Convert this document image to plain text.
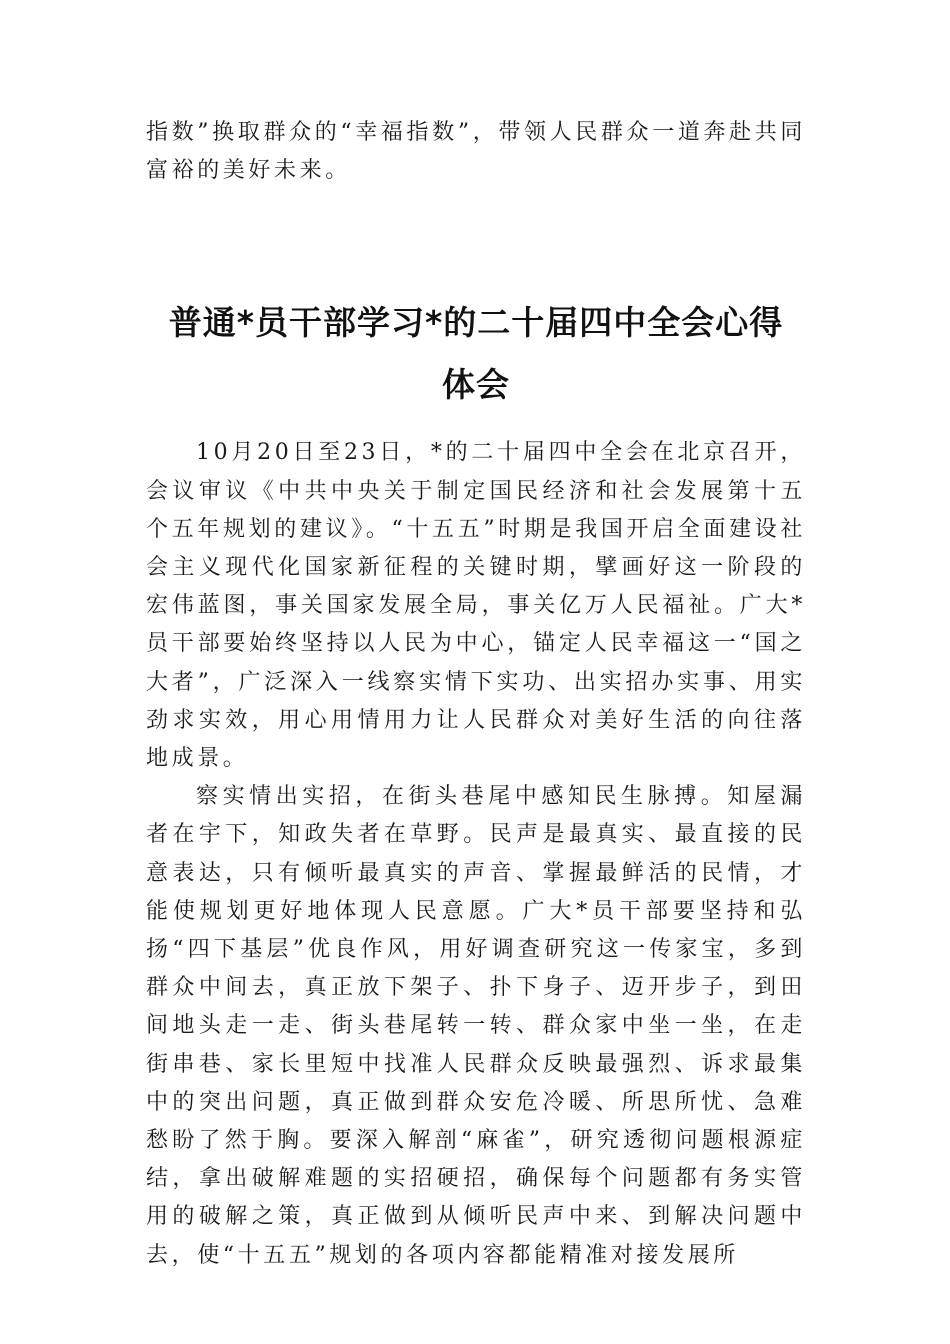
指数”换取群众的“幸福指数”，带领人民群众一道奔赴共同富裕的美好未来。

普通*员干部学习*的二十届四中全会心得

体会

10月20日至23日，*的二十届四中全会在北京召开，会议审议《中共中央关于制定国民经济和社会发展第十五个五年规划的建议》。“十五五”时期是我国开启全面建设社会主义现代化国家新征程的关键时期，擘画好这一阶段的宏伟蓝图，事关国家发展全局，事关亿万人民福祉。广大*员干部要始终坚持以人民为中心，锚定人民幸福这一“国之大者”，广泛深入一线察实情下实功、出实招办实事、用实劲求实效，用心用情用力让人民群众对美好生活的向往落地成景。

察实情出实招，在街头巷尾中感知民生脉搏。知屋漏者在宇下，知政失者在草野。民声是最真实、最直接的民意表达，只有倾听最真实的声音、掌握最鲜活的民情，才能使规划更好地体现人民意愿。广大*员干部要坚持和弘扬“四下基层”优良作风，用好调查研究这一传家宝，多到群众中间去，真正放下架子、扑下身子、迈开步子，到田间地头走一走、街头巷尾转一转、群众家中坐一坐，在走街串巷、家长里短中找准人民群众反映最强烈、诉求最集中的突出问题，真正做到群众安危冷暖、所思所忧、急难愁盼了然于胸。要深入解剖“麻雀”，研究透彻问题根源症结，拿出破解难题的实招硬招，确保每个问题都有务实管用的破解之策，真正做到从倾听民声中来、到解决问题中去，使“十五五”规划的各项内容都能精准对接发展所
